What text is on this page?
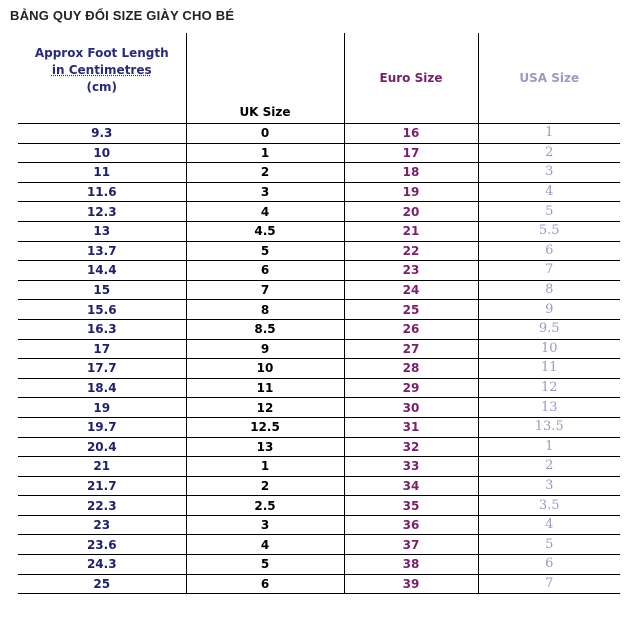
BẢNG QUY ĐỔI SIZE GIÀY CHO BÉ
Approx Foot Length
in Centimetres
(cm)	UK Size	Euro Size	USA Size
9.3	0	16	1
10	1	17	2
11	2	18	3
11.6	3	19	4
12.3	4	20	5
13	4.5	21	5.5
13.7	5	22	6
14.4	6	23	7
15	7	24	8
15.6	8	25	9
16.3	8.5	26	9.5
17	9	27	10
17.7	10	28	11
18.4	11	29	12
19	12	30	13
19.7	12.5	31	13.5
20.4	13	32	1
21	1	33	2
21.7	2	34	3
22.3	2.5	35	3.5
23	3	36	4
23.6	4	37	5
24.3	5	38	6
25	6	39	7
